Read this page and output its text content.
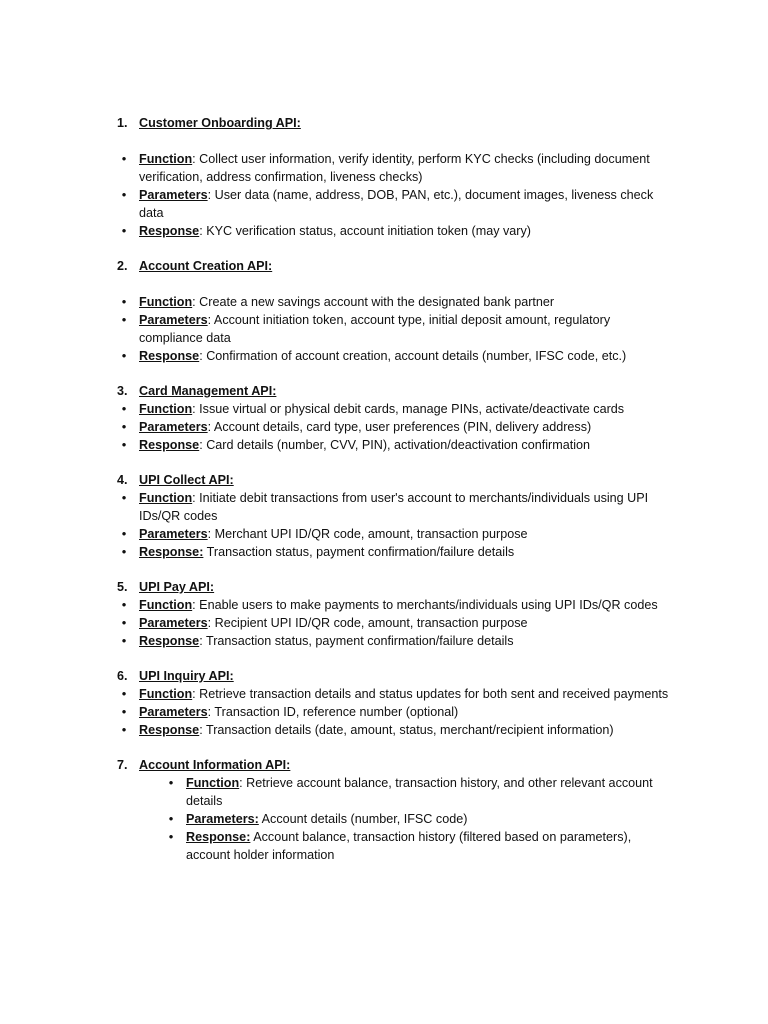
1. Customer Onboarding API:
•	Function: Collect user information, verify identity, perform KYC checks (including document verification, address confirmation, liveness checks)
•	Parameters: User data (name, address, DOB, PAN, etc.), document images, liveness check data
•	Response: KYC verification status, account initiation token (may vary)
2. Account Creation API:
•	Function: Create a new savings account with the designated bank partner
•	Parameters: Account initiation token, account type, initial deposit amount, regulatory compliance data
•	Response: Confirmation of account creation, account details (number, IFSC code, etc.)
3. Card Management API:
•	Function: Issue virtual or physical debit cards, manage PINs, activate/deactivate cards
•	Parameters: Account details, card type, user preferences (PIN, delivery address)
•	Response: Card details (number, CVV, PIN), activation/deactivation confirmation
4. UPI Collect API:
•	Function: Initiate debit transactions from user's account to merchants/individuals using UPI IDs/QR codes
•	Parameters: Merchant UPI ID/QR code, amount, transaction purpose
•	Response: Transaction status, payment confirmation/failure details
5. UPI Pay API:
•	Function: Enable users to make payments to merchants/individuals using UPI IDs/QR codes
•	Parameters: Recipient UPI ID/QR code, amount, transaction purpose
•	Response: Transaction status, payment confirmation/failure details
6. UPI Inquiry API:
•	Function: Retrieve transaction details and status updates for both sent and received payments
•	Parameters: Transaction ID, reference number (optional)
•	Response: Transaction details (date, amount, status, merchant/recipient information)
7. Account Information API:
•	Function: Retrieve account balance, transaction history, and other relevant account details
•	Parameters: Account details (number, IFSC code)
•	Response: Account balance, transaction history (filtered based on parameters), account holder information
